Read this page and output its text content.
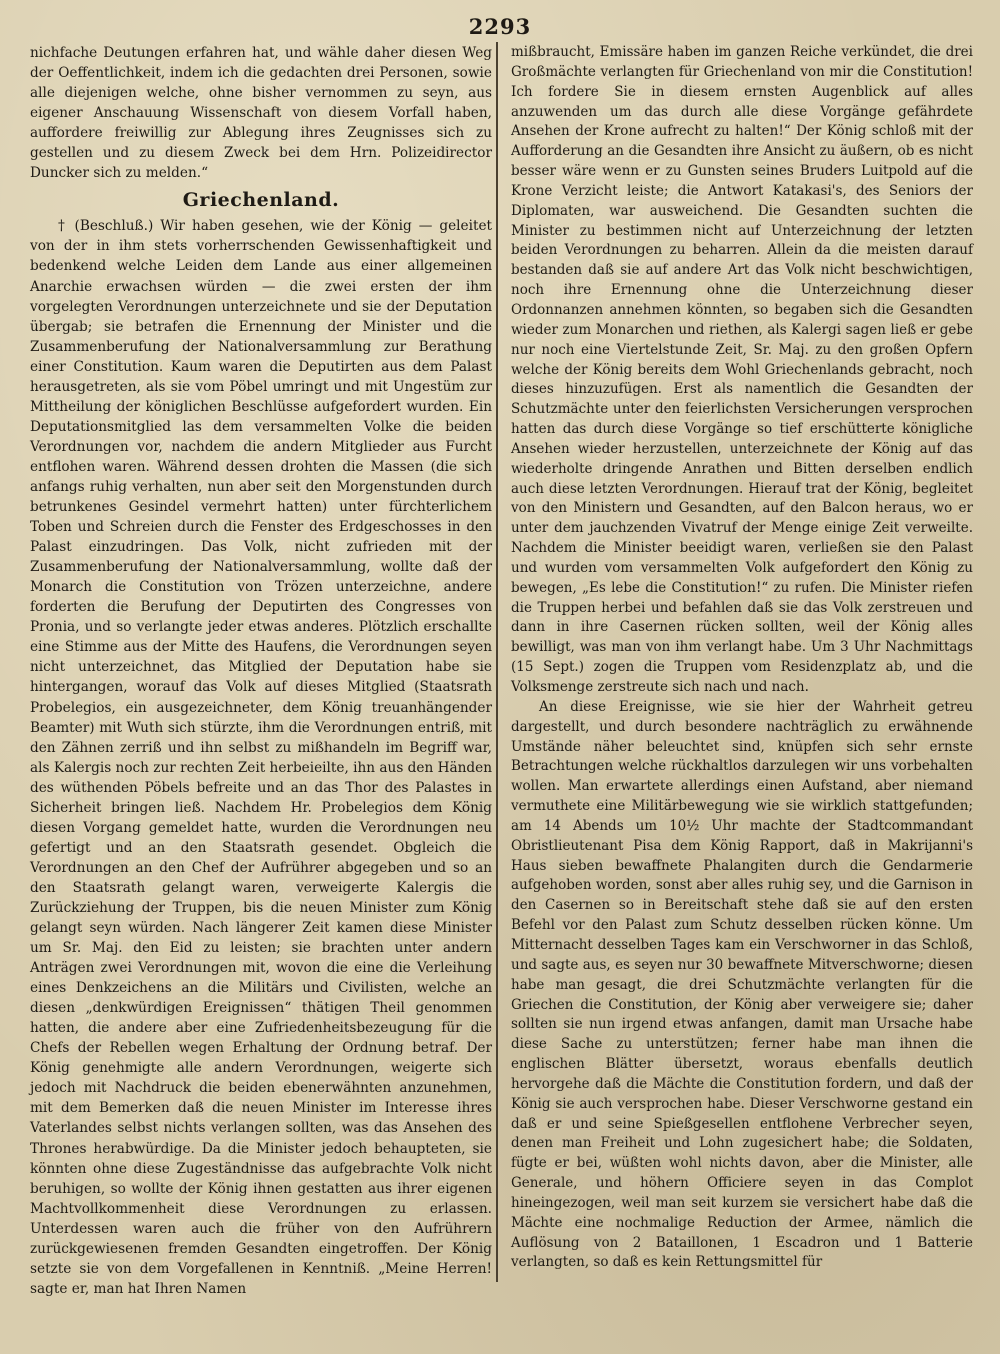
2293

nichfache Deutungen erfahren hat, und wähle daher diesen Weg der Oeffentlichkeit, indem ich die gedachten drei Personen, sowie alle diejenigen welche, ohne bisher vernommen zu seyn, aus eigener Anschauung Wissenschaft von diesem Vorfall haben, auffordere freiwillig zur Ablegung ihres Zeugnisses sich zu gestellen und zu diesem Zweck bei dem Hrn. Polizeidirector Duncker sich zu melden.“

Griechenland.

† (Beschluß.) Wir haben gesehen, wie der König — geleitet von der in ihm stets vorherrschenden Gewissenhaftigkeit und bedenkend welche Leiden dem Lande aus einer allgemeinen Anarchie erwachsen würden — die zwei ersten der ihm vorgelegten Verordnungen unterzeichnete und sie der Deputation übergab; sie betrafen die Ernennung der Minister und die Zusammenberufung der Nationalversammlung zur Berathung einer Constitution. Kaum waren die Deputirten aus dem Palast herausgetreten, als sie vom Pöbel umringt und mit Ungestüm zur Mittheilung der königlichen Beschlüsse aufgefordert wurden. Ein Deputationsmitglied las dem versammelten Volke die beiden Verordnungen vor, nachdem die andern Mitglieder aus Furcht entflohen waren. Während dessen drohten die Massen (die sich anfangs ruhig verhalten, nun aber seit den Morgenstunden durch betrunkenes Gesindel vermehrt hatten) unter fürchterlichem Toben und Schreien durch die Fenster des Erdgeschosses in den Palast einzudringen. Das Volk, nicht zufrieden mit der Zusammenberufung der Nationalversammlung, wollte daß der Monarch die Constitution von Trözen unterzeichne, andere forderten die Berufung der Deputirten des Congresses von Pronia, und so verlangte jeder etwas anderes. Plötzlich erschallte eine Stimme aus der Mitte des Haufens, die Verordnungen seyen nicht unterzeichnet, das Mitglied der Deputation habe sie hintergangen, worauf das Volk auf dieses Mitglied (Staatsrath Probelegios, ein ausgezeichneter, dem König treuanhängender Beamter) mit Wuth sich stürzte, ihm die Verordnungen entriß, mit den Zähnen zerriß und ihn selbst zu mißhandeln im Begriff war, als Kalergis noch zur rechten Zeit herbeieilte, ihn aus den Händen des wüthenden Pöbels befreite und an das Thor des Palastes in Sicherheit bringen ließ. Nachdem Hr. Probelegios dem König diesen Vorgang gemeldet hatte, wurden die Verordnungen neu gefertigt und an den Staatsrath gesendet. Obgleich die Verordnungen an den Chef der Aufrührer abgegeben und so an den Staatsrath gelangt waren, verweigerte Kalergis die Zurückziehung der Truppen, bis die neuen Minister zum König gelangt seyn würden. Nach längerer Zeit kamen diese Minister um Sr. Maj. den Eid zu leisten; sie brachten unter andern Anträgen zwei Verordnungen mit, wovon die eine die Verleihung eines Denkzeichens an die Militärs und Civilisten, welche an diesen „denkwürdigen Ereignissen“ thätigen Theil genommen hatten, die andere aber eine Zufriedenheitsbezeugung für die Chefs der Rebellen wegen Erhaltung der Ordnung betraf. Der König genehmigte alle andern Verordnungen, weigerte sich jedoch mit Nachdruck die beiden ebenerwähnten anzunehmen, mit dem Bemerken daß die neuen Minister im Interesse ihres Vaterlandes selbst nichts verlangen sollten, was das Ansehen des Thrones herabwürdige. Da die Minister jedoch behaupteten, sie könnten ohne diese Zugeständnisse das aufgebrachte Volk nicht beruhigen, so wollte der König ihnen gestatten aus ihrer eigenen Machtvollkommenheit diese Verordnungen zu erlassen. Unterdessen waren auch die früher von den Aufrührern zurückgewiesenen fremden Gesandten eingetroffen. Der König setzte sie von dem Vorgefallenen in Kenntniß. „Meine Herren! sagte er, man hat Ihren Namen

mißbraucht, Emissäre haben im ganzen Reiche verkündet, die drei Großmächte verlangten für Griechenland von mir die Constitution! Ich fordere Sie in diesem ernsten Augenblick auf alles anzuwenden um das durch alle diese Vorgänge gefährdete Ansehen der Krone aufrecht zu halten!“ Der König schloß mit der Aufforderung an die Gesandten ihre Ansicht zu äußern, ob es nicht besser wäre wenn er zu Gunsten seines Bruders Luitpold auf die Krone Verzicht leiste; die Antwort Katakasi's, des Seniors der Diplomaten, war ausweichend. Die Gesandten suchten die Minister zu bestimmen nicht auf Unterzeichnung der letzten beiden Verordnungen zu beharren. Allein da die meisten darauf bestanden daß sie auf andere Art das Volk nicht beschwichtigen, noch ihre Ernennung ohne die Unterzeichnung dieser Ordonnanzen annehmen könnten, so begaben sich die Gesandten wieder zum Monarchen und riethen, als Kalergi sagen ließ er gebe nur noch eine Viertelstunde Zeit, Sr. Maj. zu den großen Opfern welche der König bereits dem Wohl Griechenlands gebracht, noch dieses hinzuzufügen. Erst als namentlich die Gesandten der Schutzmächte unter den feierlichsten Versicherungen versprochen hatten das durch diese Vorgänge so tief erschütterte königliche Ansehen wieder herzustellen, unterzeichnete der König auf das wiederholte dringende Anrathen und Bitten derselben endlich auch diese letzten Verordnungen. Hierauf trat der König, begleitet von den Ministern und Gesandten, auf den Balcon heraus, wo er unter dem jauchzenden Vivatruf der Menge einige Zeit verweilte. Nachdem die Minister beeidigt waren, verließen sie den Palast und wurden vom versammelten Volk aufgefordert den König zu bewegen, „Es lebe die Constitution!“ zu rufen. Die Minister riefen die Truppen herbei und befahlen daß sie das Volk zerstreuen und dann in ihre Casernen rücken sollten, weil der König alles bewilligt, was man von ihm verlangt habe. Um 3 Uhr Nachmittags (15 Sept.) zogen die Truppen vom Residenzplatz ab, und die Volksmenge zerstreute sich nach und nach.

An diese Ereignisse, wie sie hier der Wahrheit getreu dargestellt, und durch besondere nachträglich zu erwähnende Umstände näher beleuchtet sind, knüpfen sich sehr ernste Betrachtungen welche rückhaltlos darzulegen wir uns vorbehalten wollen. Man erwartete allerdings einen Aufstand, aber niemand vermuthete eine Militärbewegung wie sie wirklich stattgefunden; am 14 Abends um 10½ Uhr machte der Stadtcommandant Obristlieutenant Pisa dem König Rapport, daß in Makrijanni's Haus sieben bewaffnete Phalangiten durch die Gendarmerie aufgehoben worden, sonst aber alles ruhig sey, und die Garnison in den Casernen so in Bereitschaft stehe daß sie auf den ersten Befehl vor den Palast zum Schutz desselben rücken könne. Um Mitternacht desselben Tages kam ein Verschworner in das Schloß, und sagte aus, es seyen nur 30 bewaffnete Mitverschworne; diesen habe man gesagt, die drei Schutzmächte verlangten für die Griechen die Constitution, der König aber verweigere sie; daher sollten sie nun irgend etwas anfangen, damit man Ursache habe diese Sache zu unterstützen; ferner habe man ihnen die englischen Blätter übersetzt, woraus ebenfalls deutlich hervorgehe daß die Mächte die Constitution fordern, und daß der König sie auch versprochen habe. Dieser Verschworne gestand ein daß er und seine Spießgesellen entflohene Verbrecher seyen, denen man Freiheit und Lohn zugesichert habe; die Soldaten, fügte er bei, wüßten wohl nichts davon, aber die Minister, alle Generale, und höhern Officiere seyen in das Complot hineingezogen, weil man seit kurzem sie versichert habe daß die Mächte eine nochmalige Reduction der Armee, nämlich die Auflösung von 2 Bataillonen, 1 Escadron und 1 Batterie verlangten, so daß es kein Rettungsmittel für
